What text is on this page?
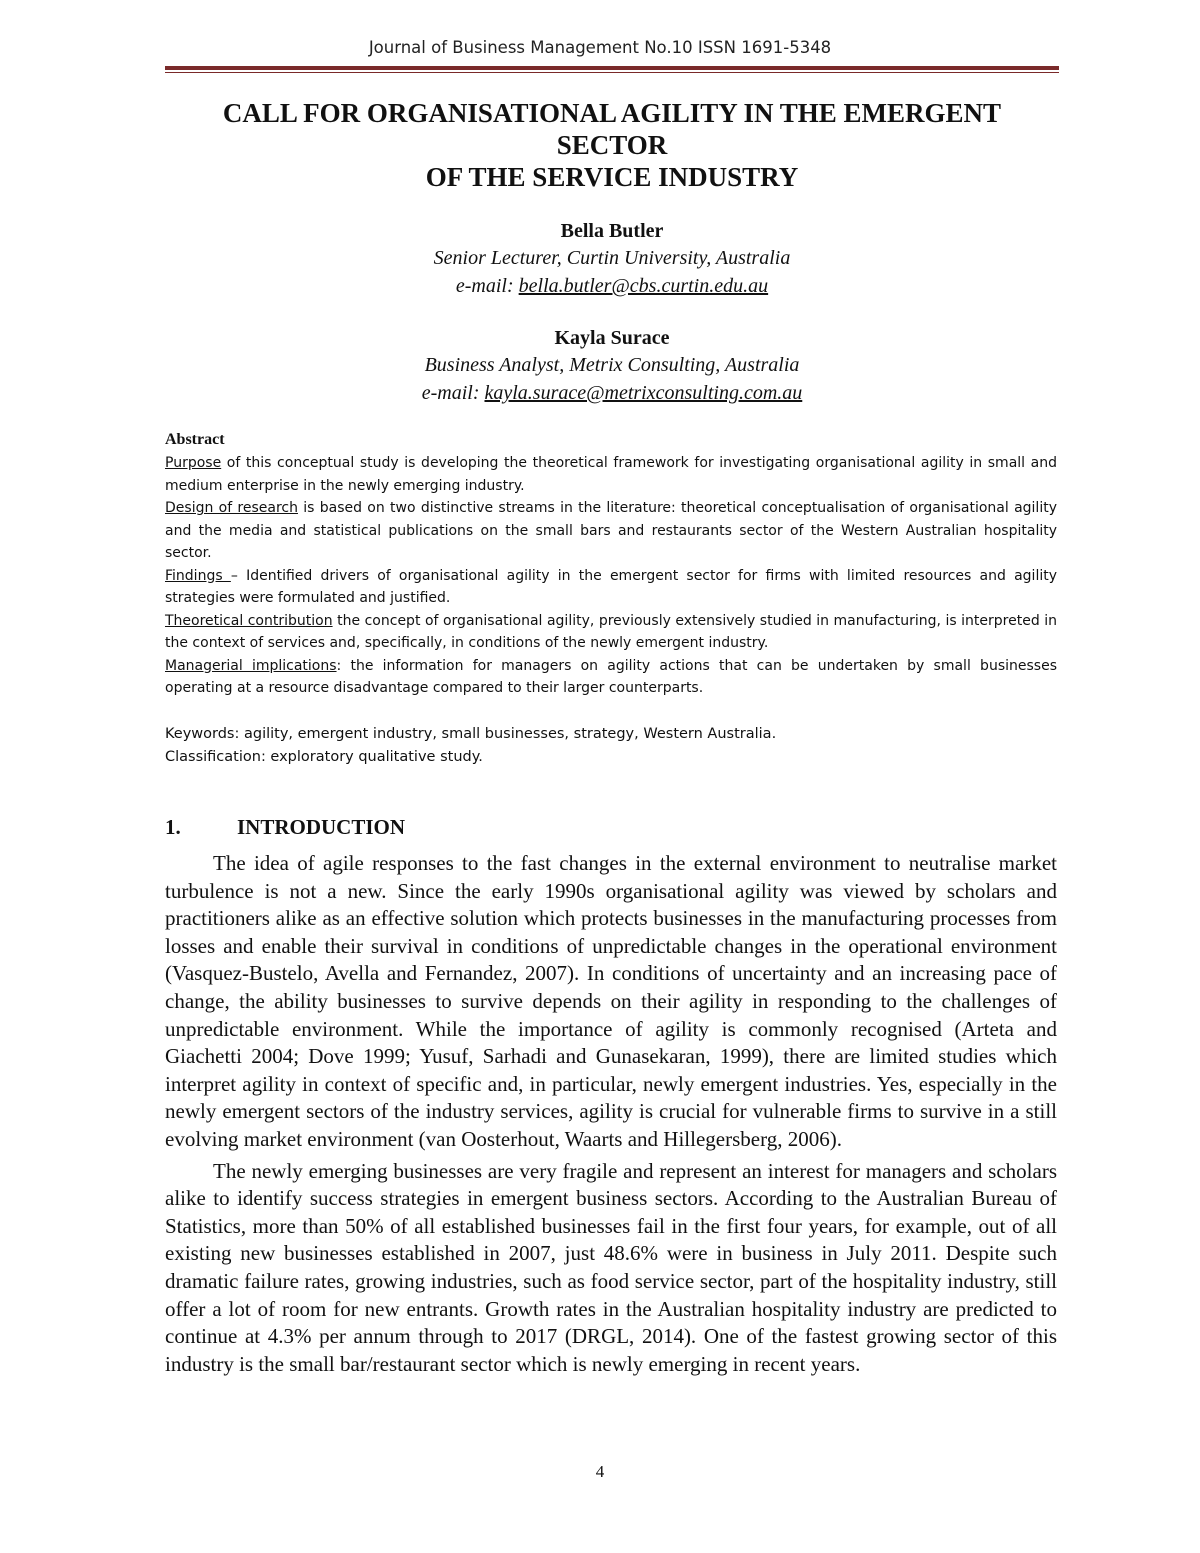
Journal of Business Management No.10 ISSN 1691-5348
CALL FOR ORGANISATIONAL AGILITY IN THE EMERGENT
SECTOR
OF THE SERVICE INDUSTRY
Bella Butler
Senior Lecturer, Curtin University, Australia
e-mail: bella.butler@cbs.curtin.edu.au
Kayla Surace
Business Analyst, Metrix Consulting, Australia
e-mail: kayla.surace@metrixconsulting.com.au
Abstract

Purpose of this conceptual study is developing the theoretical framework for investigating organisational agility in small and medium enterprise in the newly emerging industry.

Design of research is based on two distinctive streams in the literature: theoretical conceptualisation of organisational agility and the media and statistical publications on the small bars and restaurants sector of the Western Australian hospitality sector.

Findings – Identified drivers of organisational agility in the emergent sector for firms with limited resources and agility strategies were formulated and justified.

Theoretical contribution the concept of organisational agility, previously extensively studied in manufacturing, is interpreted in the context of services and, specifically, in conditions of the newly emergent industry.

Managerial implications: the information for managers on agility actions that can be undertaken by small businesses operating at a resource disadvantage compared to their larger counterparts.

Keywords: agility, emergent industry, small businesses, strategy, Western Australia.
Classification: exploratory qualitative study.
1.	INTRODUCTION

The idea of agile responses to the fast changes in the external environment to neutralise market turbulence is not a new. Since the early 1990s organisational agility was viewed by scholars and practitioners alike as an effective solution which protects businesses in the manufacturing processes from losses and enable their survival in conditions of unpredictable changes in the operational environment (Vasquez-Bustelo, Avella and Fernandez, 2007). In conditions of uncertainty and an increasing pace of change, the ability businesses to survive depends on their agility in responding to the challenges of unpredictable environment. While the importance of agility is commonly recognised (Arteta and Giachetti 2004; Dove 1999; Yusuf, Sarhadi and Gunasekaran, 1999), there are limited studies which interpret agility in context of specific and, in particular, newly emergent industries. Yes, especially in the newly emergent sectors of the industry services, agility is crucial for vulnerable firms to survive in a still evolving market environment (van Oosterhout, Waarts and Hillegersberg, 2006).

The newly emerging businesses are very fragile and represent an interest for managers and scholars alike to identify success strategies in emergent business sectors. According to the Australian Bureau of Statistics, more than 50% of all established businesses fail in the first four years, for example, out of all existing new businesses established in 2007, just 48.6% were in business in July 2011. Despite such dramatic failure rates, growing industries, such as food service sector, part of the hospitality industry, still offer a lot of room for new entrants. Growth rates in the Australian hospitality industry are predicted to continue at 4.3% per annum through to 2017 (DRGL, 2014). One of the fastest growing sector of this industry is the small bar/restaurant sector which is newly emerging in recent years.

4
